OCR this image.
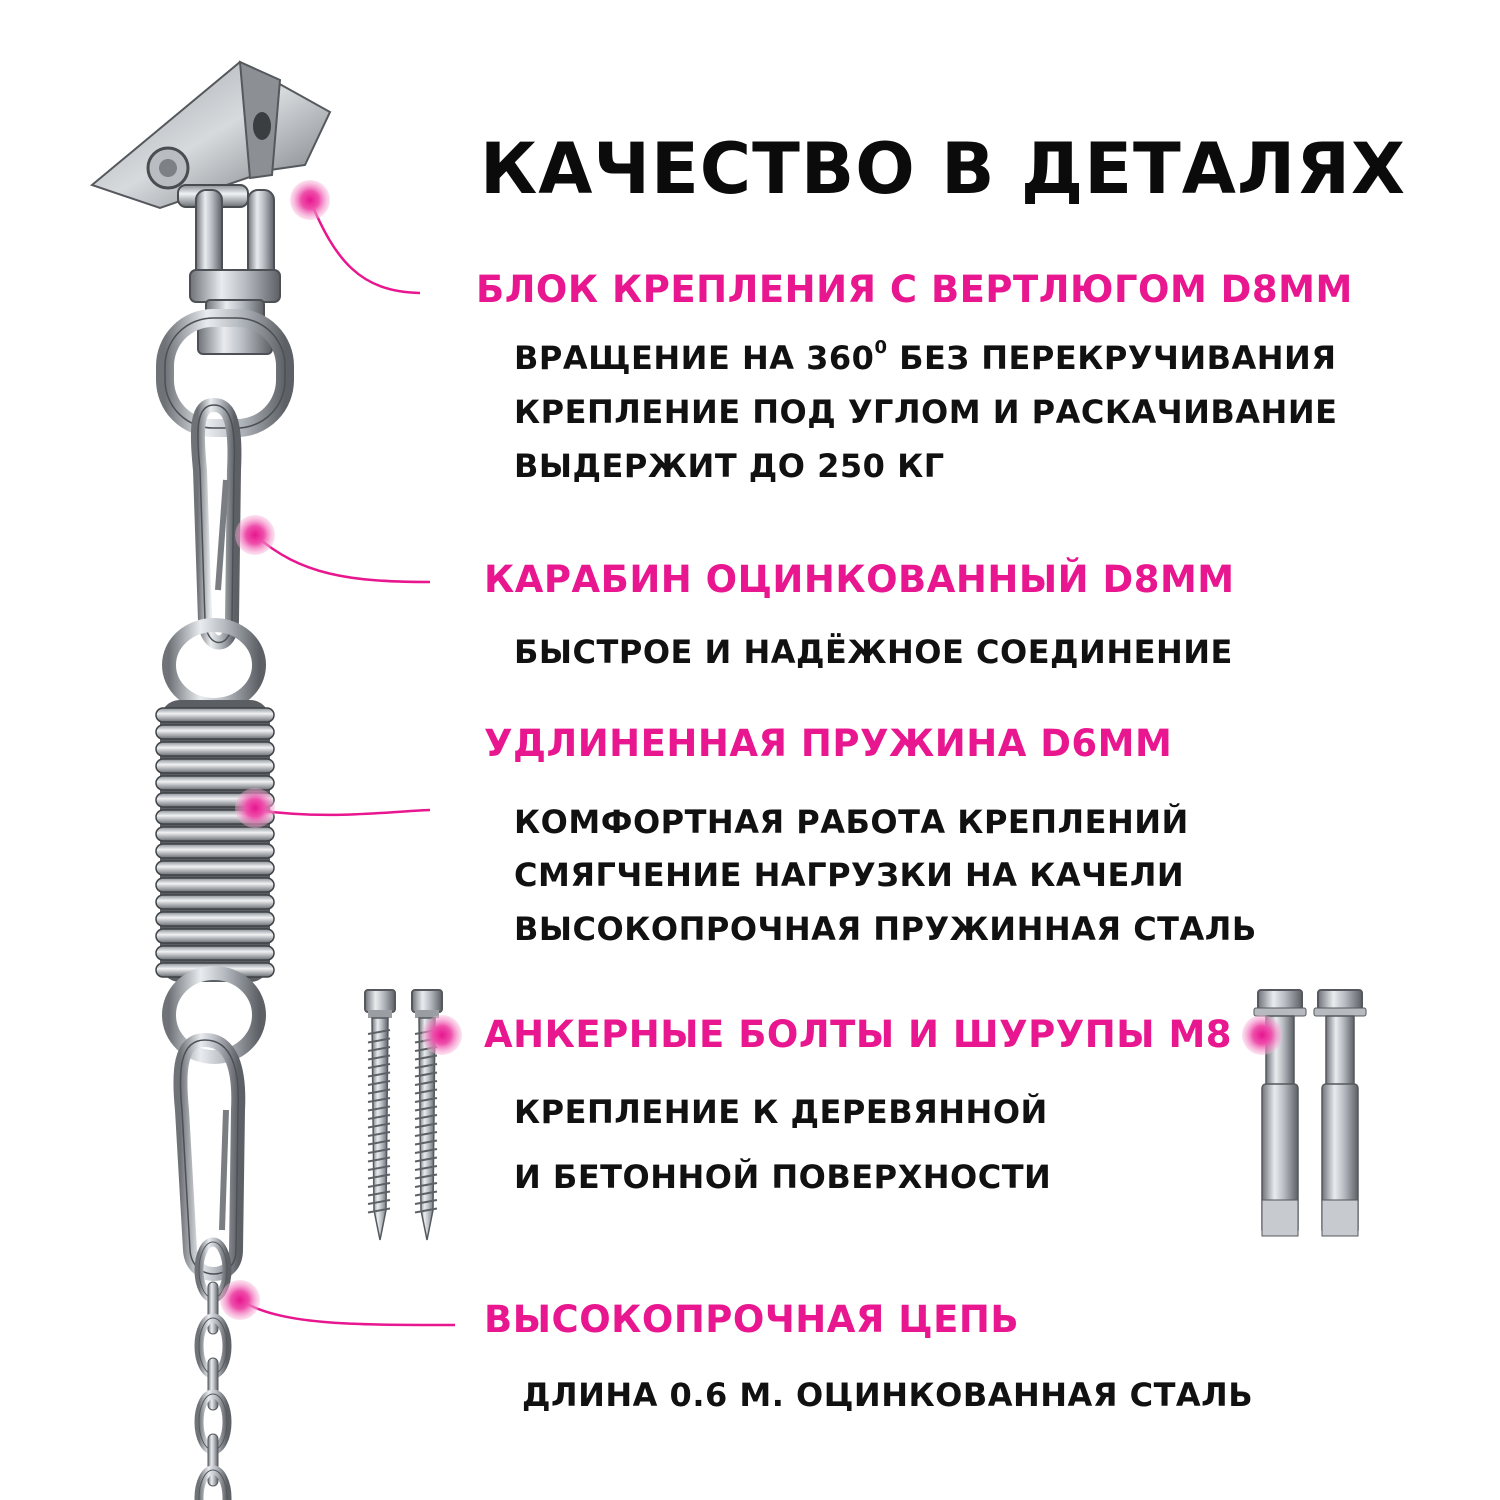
КАЧЕСТВО В ДЕТАЛЯХ
БЛОК КРЕПЛЕНИЯ С ВЕРТЛЮГОМ D8MM
ВРАЩЕНИЕ НА $360^0$ БЕЗ ПЕРЕКРУЧИВАНИЯ
КРЕПЛЕНИЕ ПОД УГЛОМ И РАСКАЧИВАНИЕ
ВЫДЕРЖИТ ДО 250 КГ
КАРАБИН ОЦИНКОВАННЫЙ D8MM
БЫСТРОЕ И НАДЁЖНОЕ СОЕДИНЕНИЕ
УДЛИНЕННАЯ ПРУЖИНА D6MM
КОМФОРТНАЯ РАБОТА КРЕПЛЕНИЙ
СМЯГЧЕНИЕ НАГРУЗКИ НА КАЧЕЛИ
ВЫСОКОПРОЧНАЯ ПРУЖИННАЯ СТАЛЬ
АНКЕРНЫЕ БОЛТЫ И ШУРУПЫ M8
КРЕПЛЕНИЕ К ДЕРЕВЯННОЙ
И БЕТОННОЙ ПОВЕРХНОСТИ
ВЫСОКОПРОЧНАЯ ЦЕПЬ
ДЛИНА 0.6 М. ОЦИНКОВАННАЯ СТАЛЬ
